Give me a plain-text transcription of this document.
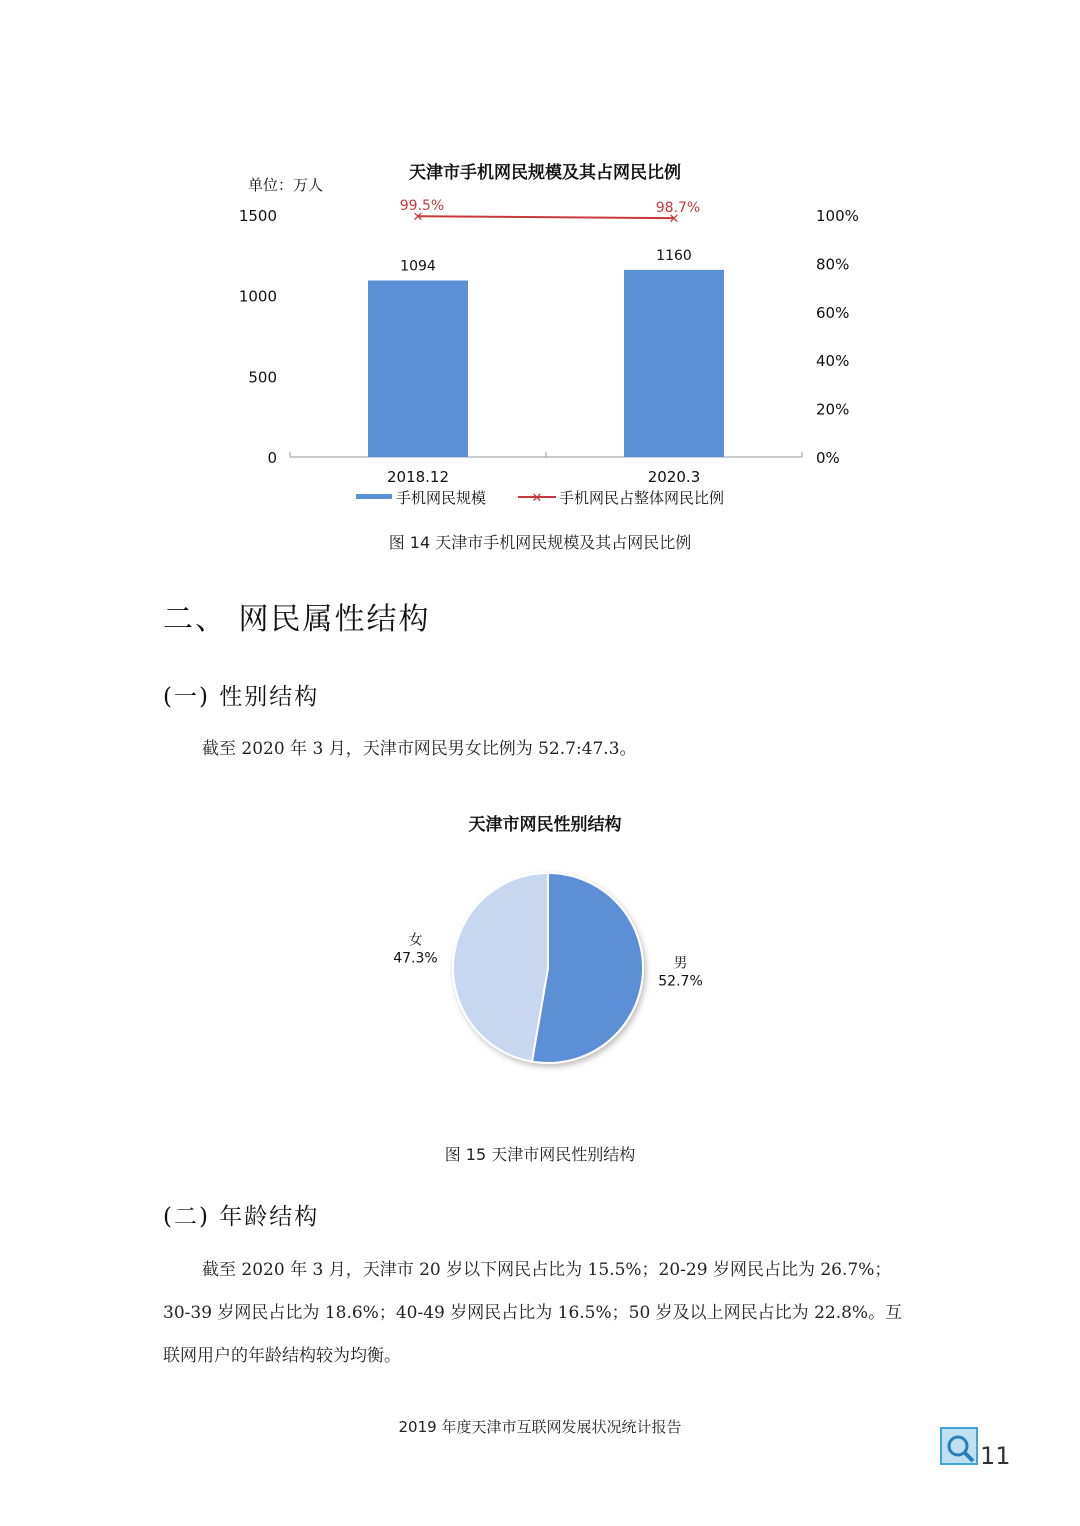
天津市手机网民规模及其占网民比例
单位：万人
0
500
1000
1500
0%
20%
40%
60%
80%
100%
1094
1160
✕
99.5%
✕
98.7%
2018.12	2020.3
手机网民规模	✕ 手机网民占整体网民比例
图 14 天津市手机网民规模及其占网民比例
二、 网民属性结构
(一) 性别结构
截至 2020 年 3 月，天津市网民男女比例为 52.7:47.3。
天津市网民性别结构
男
52.7%
女
47.3%
图 15 天津市网民性别结构
(二) 年龄结构
截至 2020 年 3 月，天津市 20 岁以下网民占比为 15.5%；20-29 岁网民占比为 26.7%；
30-39 岁网民占比为 18.6%；40-49 岁网民占比为 16.5%；50 岁及以上网民占比为 22.8%。互
联网用户的年龄结构较为均衡。
2019 年度天津市互联网发展状况统计报告
11
